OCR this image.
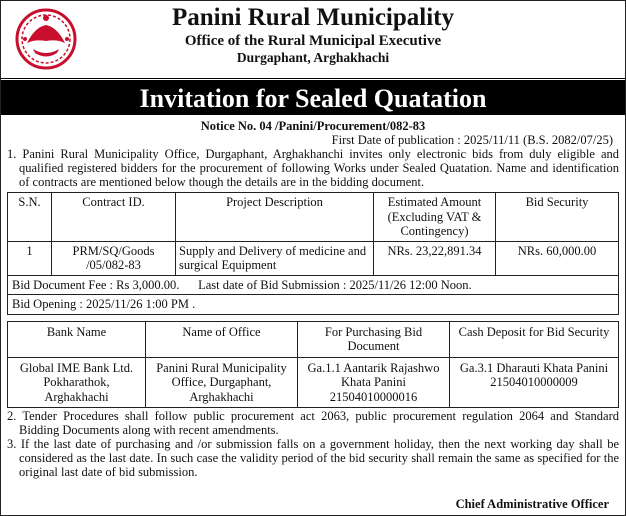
Panini Rural Municipality
Office of the Rural Municipal Executive
Durgaphant, Arghakhachi
Invitation for Sealed Quatation
Notice No. 04 /Panini/Procurement/082-83
First Date of publication : 2025/11/11 (B.S. 2082/07/25)
1. Panini Rural Municipality Office, Durgaphant, Arghakhanchi invites only electronic bids from duly eligible and qualified registered bidders for the procurement of following Works under Sealed Quatation. Name and identification of contracts are mentioned below though the details are in the bidding document.
S.N.	Contract ID.	Project Description	Estimated Amount (Excluding VAT & Contingency)	Bid Security
1	PRM/SQ/Goods /05/082-83	Supply and Delivery of medicine and surgical Equipment	NRs. 23,22,891.34	NRs. 60,000.00
Bid Document Fee : Rs 3,000.00.      Last date of Bid Submission : 2025/11/26 12:00 Noon.				
Bid Opening : 2025/11/26 1:00 PM .				
Bank Name	Name of Office	For Purchasing Bid Document	Cash Deposit for Bid Security
Global IME Bank Ltd. Pokharathok, Arghakhachi	Panini Rural Municipality Office, Durgaphant, Arghakhachi	Ga.1.1 Aantarik Rajashwo Khata Panini 21504010000016	Ga.3.1 Dharauti Khata Panini 21504010000009
2. Tender Procedures shall follow public procurement act 2063, public procurement regulation 2064 and Standard Bidding Documents along with recent amendments.
3. If the last date of purchasing and /or submission falls on a government holiday, then the next working day shall be considered as the last date. In such case the validity period of the bid security shall remain the same as specified for the original last date of bid submission.
Chief Administrative Officer
